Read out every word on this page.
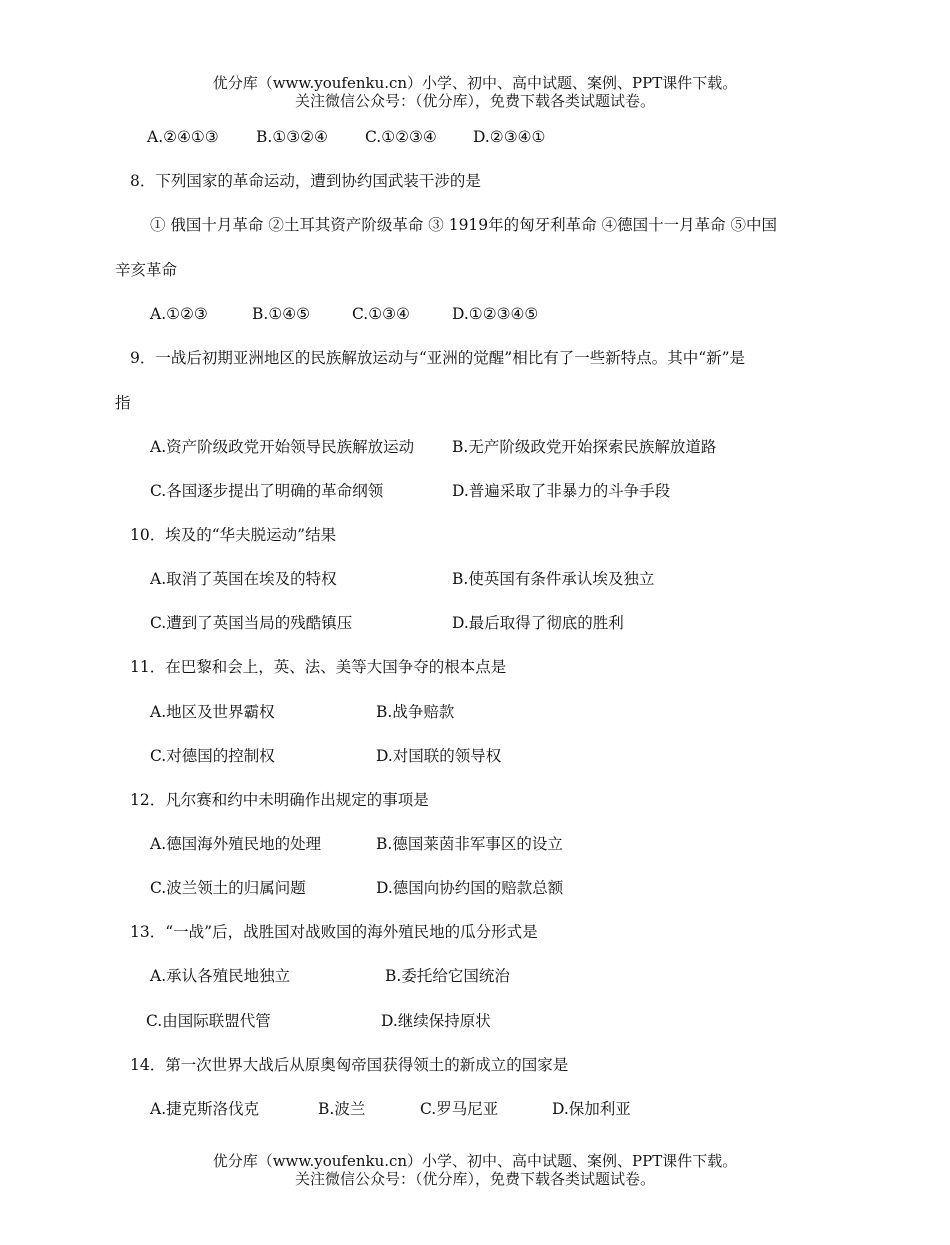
优分库（www.youfenku.cn）小学、初中、高中试题、案例、PPT课件下载。
关注微信公众号：（优分库），免费下载各类试题试卷。
A.②④①③ B.①③②④ C.①②③④ D.②③④①
8．下列国家的革命运动，遭到协约国武装干涉的是
① 俄国十月革命 ②土耳其资产阶级革命 ③ 1919年的匈牙利革命 ④德国十一月革命 ⑤中国
辛亥革命
A.①②③	B.①④⑤	C.①③④	D.①②③④⑤
9．一战后初期亚洲地区的民族解放运动与“亚洲的觉醒”相比有了一些新特点。其中“新”是
指
A.资产阶级政党开始领导民族解放运动 B.无产阶级政党开始探索民族解放道路
C.各国逐步提出了明确的革命纲领	D.普遍采取了非暴力的斗争手段
10．埃及的“华夫脱运动”结果
A.取消了英国在埃及的特权	B.使英国有条件承认埃及独立
C.遭到了英国当局的残酷镇压	D.最后取得了彻底的胜利
11．在巴黎和会上，英、法、美等大国争夺的根本点是
A.地区及世界霸权	B.战争赔款
C.对德国的控制权	D.对国联的领导权
12．凡尔赛和约中未明确作出规定的事项是
A.德国海外殖民地的处理	B.德国莱茵非军事区的设立
C.波兰领土的归属问题	D.德国向协约国的赔款总额
13．“一战”后，战胜国对战败国的海外殖民地的瓜分形式是
A.承认各殖民地独立	B.委托给它国统治
C.由国际联盟代管	D.继续保持原状
14．第一次世界大战后从原奥匈帝国获得领土的新成立的国家是
A.捷克斯洛伐克	B.波兰	C.罗马尼亚	D.保加利亚
优分库（www.youfenku.cn）小学、初中、高中试题、案例、PPT课件下载。
关注微信公众号：（优分库），免费下载各类试题试卷。
